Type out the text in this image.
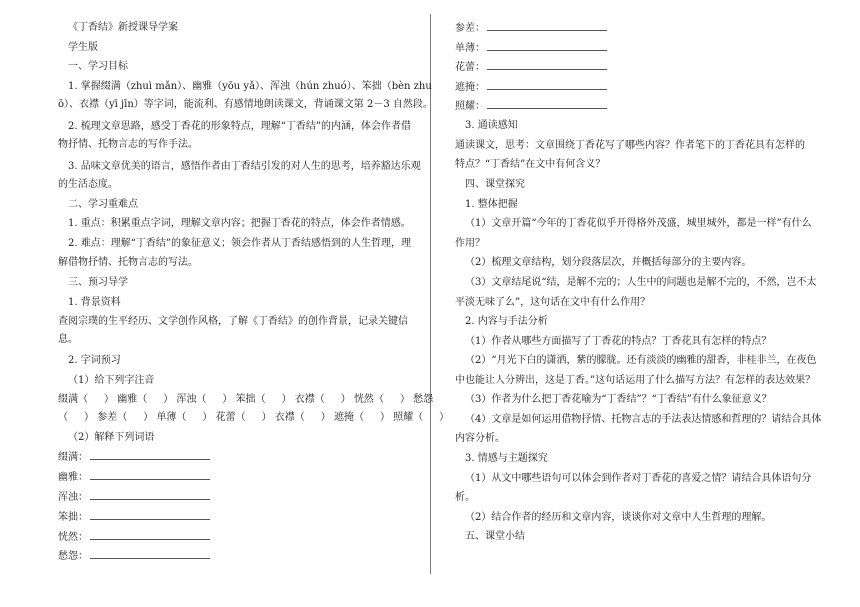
《丁香结》新授课导学案
学生版
一、学习目标
1. 掌握缀满（zhuì mǎn）、幽雅（yōu yǎ）、浑浊（hún zhuó）、笨拙（bèn zhu
ō）、衣襟（yī jīn）等字词，能流利、有感情地朗读课文，背诵课文第 2－3 自然段。
2. 梳理文章思路，感受丁香花的形象特点，理解“丁香结”的内涵，体会作者借
物抒情、托物言志的写作手法。
3. 品味文章优美的语言，感悟作者由丁香结引发的对人生的思考，培养豁达乐观
的生活态度。
二、学习重难点
1. 重点：积累重点字词，理解文章内容；把握丁香花的特点，体会作者情感。
2. 难点：理解“丁香结”的象征意义；领会作者从丁香结感悟到的人生哲理，理
解借物抒情、托物言志的写法。
三、预习导学
1. 背景资料
查阅宗璞的生平经历、文学创作风格，了解《丁香结》的创作背景，记录关键信
息。
2. 字词预习
（1）给下列字注音
缀满（ ） 幽雅（ ） 浑浊（ ） 笨拙（ ） 衣襟（ ） 恍然（ ） 愁怨
（ ） 参差（ ） 单薄（ ） 花蕾（ ） 衣襟（ ） 遮掩（ ） 照耀（ ）
（2）解释下列词语
缀满：
幽雅：
浑浊：
笨拙：
恍然：
愁怨：
参差：
单薄：
花蕾：
遮掩：
照耀：
3. 通读感知
通读课文，思考：文章围绕丁香花写了哪些内容？作者笔下的丁香花具有怎样的
特点？“丁香结”在文中有何含义？
四、课堂探究
1. 整体把握
（1）文章开篇“今年的丁香花似乎开得格外茂盛，城里城外，都是一样”有什么
作用？
（2）梳理文章结构，划分段落层次，并概括每部分的主要内容。
（3）文章结尾说“结，是解不完的；人生中的问题也是解不完的，不然，岂不太
平淡无味了么”，这句话在文中有什么作用？
2. 内容与手法分析
（1）作者从哪些方面描写了丁香花的特点？丁香花具有怎样的特点？
（2）“月光下白的潇洒，紫的朦胧。还有淡淡的幽雅的甜香，非桂非兰，在夜色
中也能让人分辨出，这是丁香。”这句话运用了什么描写方法？有怎样的表达效果？
（3）作者为什么把丁香花喻为“丁香结”？“丁香结”有什么象征意义？
（4）文章是如何运用借物抒情、托物言志的手法表达情感和哲理的？请结合具体
内容分析。
3. 情感与主题探究
（1）从文中哪些语句可以体会到作者对丁香花的喜爱之情？请结合具体语句分
析。
（2）结合作者的经历和文章内容，谈谈你对文章中人生哲理的理解。
五、课堂小结
